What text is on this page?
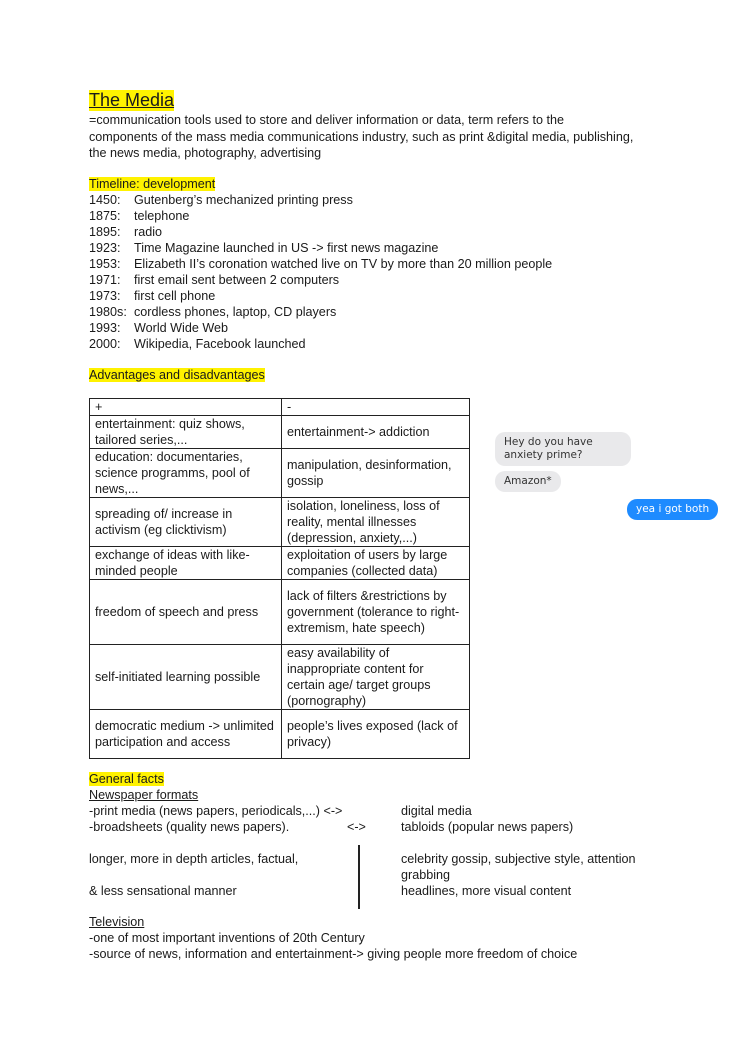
The Media
=communication tools used to store and deliver information or data, term refers to the components of the mass media communications industry, such as print &digital media, publishing, the news media, photography, advertising
Timeline: development
1450:	Gutenberg’s mechanized printing press
1875:	telephone
1895:	radio
1923:	Time Magazine launched in US -> first news magazine
1953:	Elizabeth II’s coronation watched live on TV by more than 20 million people
1971:	first email sent between 2 computers
1973:	first cell phone
1980s: cordless phones, laptop, CD players
1993:	World Wide Web
2000:	Wikipedia, Facebook launched
Advantages and disadvantages
+	-
entertainment: quiz shows, tailored series,...	entertainment-> addiction
education: documentaries, science programms, pool of news,...	manipulation, desinformation, gossip
spreading of/ increase in activism (eg clicktivism)	isolation, loneliness, loss of reality, mental illnesses (depression, anxiety,...)
exchange of ideas with like-minded people	exploitation of users by large companies (collected data)
freedom of speech and press	lack of filters &restrictions by government (tolerance to right-extremism, hate speech)
self-initiated learning possible	easy availability of inappropriate content for certain age/ target groups (pornography)
democratic medium -> unlimited participation and access	people’s lives exposed (lack of privacy)
Hey do you have anxiety prime?
Amazon*
yea i got both
General facts
Newspaper formats
-print media (news papers, periodicals,...) <->	digital media
-broadsheets (quality news papers).	<->	tabloids (popular news papers)
longer, more in depth articles, factual,	celebrity gossip, subjective style, attention grabbing
& less sensational manner	headlines, more visual content
Television
-one of most important inventions of 20th Century
-source of news, information and entertainment-> giving people more freedom of choice
